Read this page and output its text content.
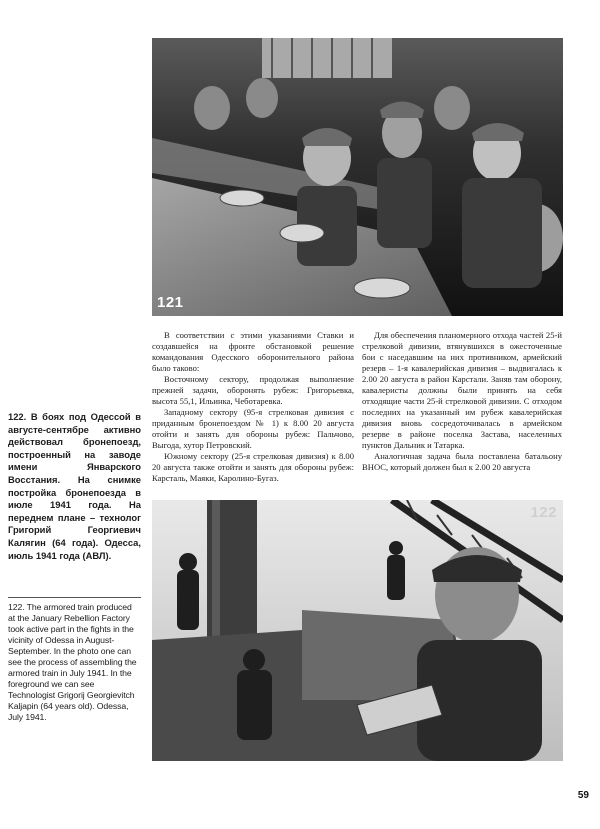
121

В соответствии с этими указаниями Ставки и создавшейся на фронте обстановкой решение командования Одесского оборонительного района было таково:

Восточному сектору, продолжая выполнение прежней задачи, оборонять рубеж: Григорьевка, высота 55,1, Ильинка, Чеботаревка.

Западному сектору (95-я стрелковая дивизия с приданным бронепоездом № 1) к 8.00 20 августа отойти и занять для обороны рубеж: Пальчово, Выгода, хутор Петровский.

Южному сектору (25-я стрелковая дивизия) к 8.00 20 августа также отойти и занять для обороны рубеж: Карсталь, Маяки, Каролино-Бугаз.

Для обеспечения планомерного отхода частей 25-й стрелковой дивизии, втянувшихся в ожесточенные бои с наседавшим на них противником, армейский резерв – 1-я кавалерийская дивизия – выдвигалась к 2.00 20 августа в район Карстали. Заняв там оборону, кавалеристы должны были принять на себя отходящие части 25-й стрелковой дивизии. С отходом последних на указанный им рубеж кавалерийская дивизия вновь сосредоточивалась в армейском резерве в районе поселка Застава, населенных пунктов Дальник и Татарка.

Аналогичная задача была поставлена батальону ВНОС, который должен был к 2.00 20 августа

122
122. В боях под Одессой в августе-сентябре активно действовал бронепоезд, построенный на заводе имени Январского Восстания. На снимке постройка бронепоезда в июле 1941 года. На переднем плане – технолог Григорий Георгиевич Калягин (64 года). Одесса, июль 1941 года (АВЛ).
122. The armored train produced at the January Rebellion Factory took active part in the fights in the vicinity of Odessa in August-September. In the photo one can see the process of assembling the armored train in July 1941. In the foreground we can see Technologist Grigorij Georgievitch Kaljapin (64 years old). Odessa, July 1941.
59
